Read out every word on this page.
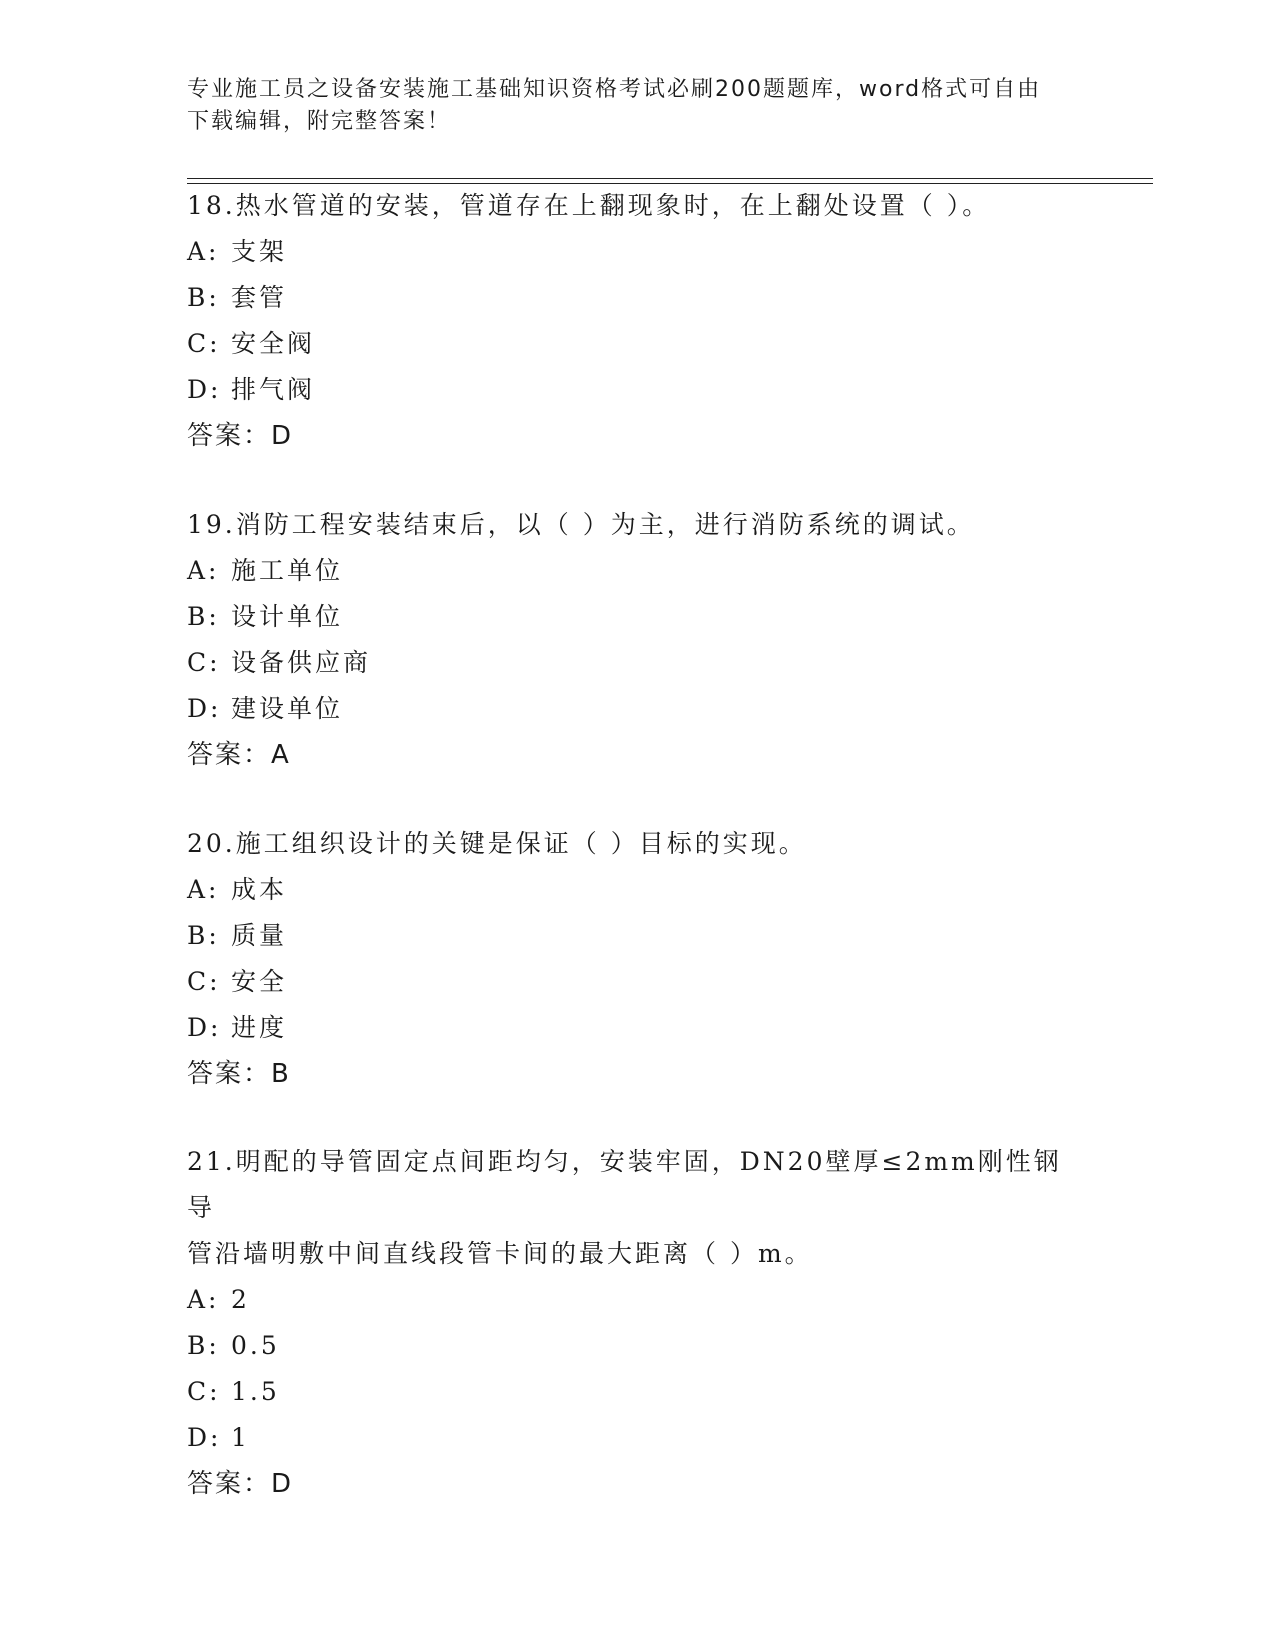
专业施工员之设备安装施工基础知识资格考试必刷200题题库，word格式可自由
下载编辑，附完整答案！

18.热水管道的安装，管道存在上翻现象时，在上翻处设置（ ）。

A: 支架

B: 套管

C: 安全阀

D: 排气阀

答案：D

19.消防工程安装结束后，以（ ）为主，进行消防系统的调试。

A: 施工单位

B: 设计单位

C: 设备供应商

D: 建设单位

答案：A

20.施工组织设计的关键是保证（ ）目标的实现。

A: 成本

B: 质量

C: 安全

D: 进度

答案：B

21.明配的导管固定点间距均匀，安装牢固，DN20壁厚≤2mm刚性钢导

管沿墙明敷中间直线段管卡间的最大距离（ ）m。

A: 2

B: 0.5

C: 1.5

D: 1

答案：D
